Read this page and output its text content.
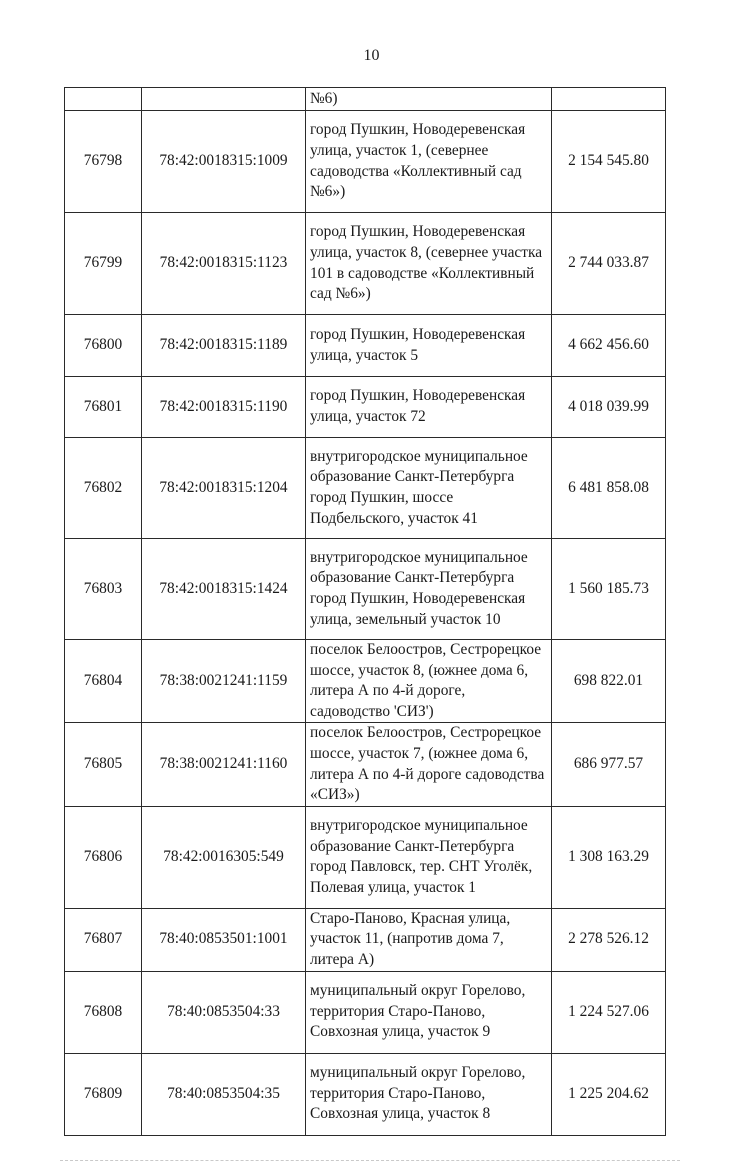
10
		№6)	
76798	78:42:0018315:1009	город Пушкин, Новодеревенская улица, участок 1, (севернее садоводства «Коллективный сад №6»)	2 154 545.80
76799	78:42:0018315:1123	город Пушкин, Новодеревенская улица, участок 8, (севернее участка 101 в садоводстве «Коллективный сад №6»)	2 744 033.87
76800	78:42:0018315:1189	город Пушкин, Новодеревенская улица, участок 5	4 662 456.60
76801	78:42:0018315:1190	город Пушкин, Новодеревенская улица, участок 72	4 018 039.99
76802	78:42:0018315:1204	внутригородское муниципальное образование Санкт-Петербурга город Пушкин, шоссе Подбельского, участок 41	6 481 858.08
76803	78:42:0018315:1424	внутригородское муниципальное образование Санкт-Петербурга город Пушкин, Новодеревенская улица, земельный участок 10	1 560 185.73
76804	78:38:0021241:1159	поселок Белоостров, Сестрорецкое шоссе, участок 8, (южнее дома 6, литера А по 4-й дороге, садоводство 'СИЗ')	698 822.01
76805	78:38:0021241:1160	поселок Белоостров, Сестрорецкое шоссе, участок 7, (южнее дома 6, литера А по 4-й дороге садоводства «СИЗ»)	686 977.57
76806	78:42:0016305:549	внутригородское муниципальное образование Санкт-Петербурга город Павловск, тер. СНТ Уголёк, Полевая улица, участок 1	1 308 163.29
76807	78:40:0853501:1001	Старо-Паново, Красная улица, участок 11, (напротив дома 7, литера А)	2 278 526.12
76808	78:40:0853504:33	муниципальный округ Горелово, территория Старо-Паново, Совхозная улица, участок 9	1 224 527.06
76809	78:40:0853504:35	муниципальный округ Горелово, территория Старо-Паново, Совхозная улица, участок 8	1 225 204.62
